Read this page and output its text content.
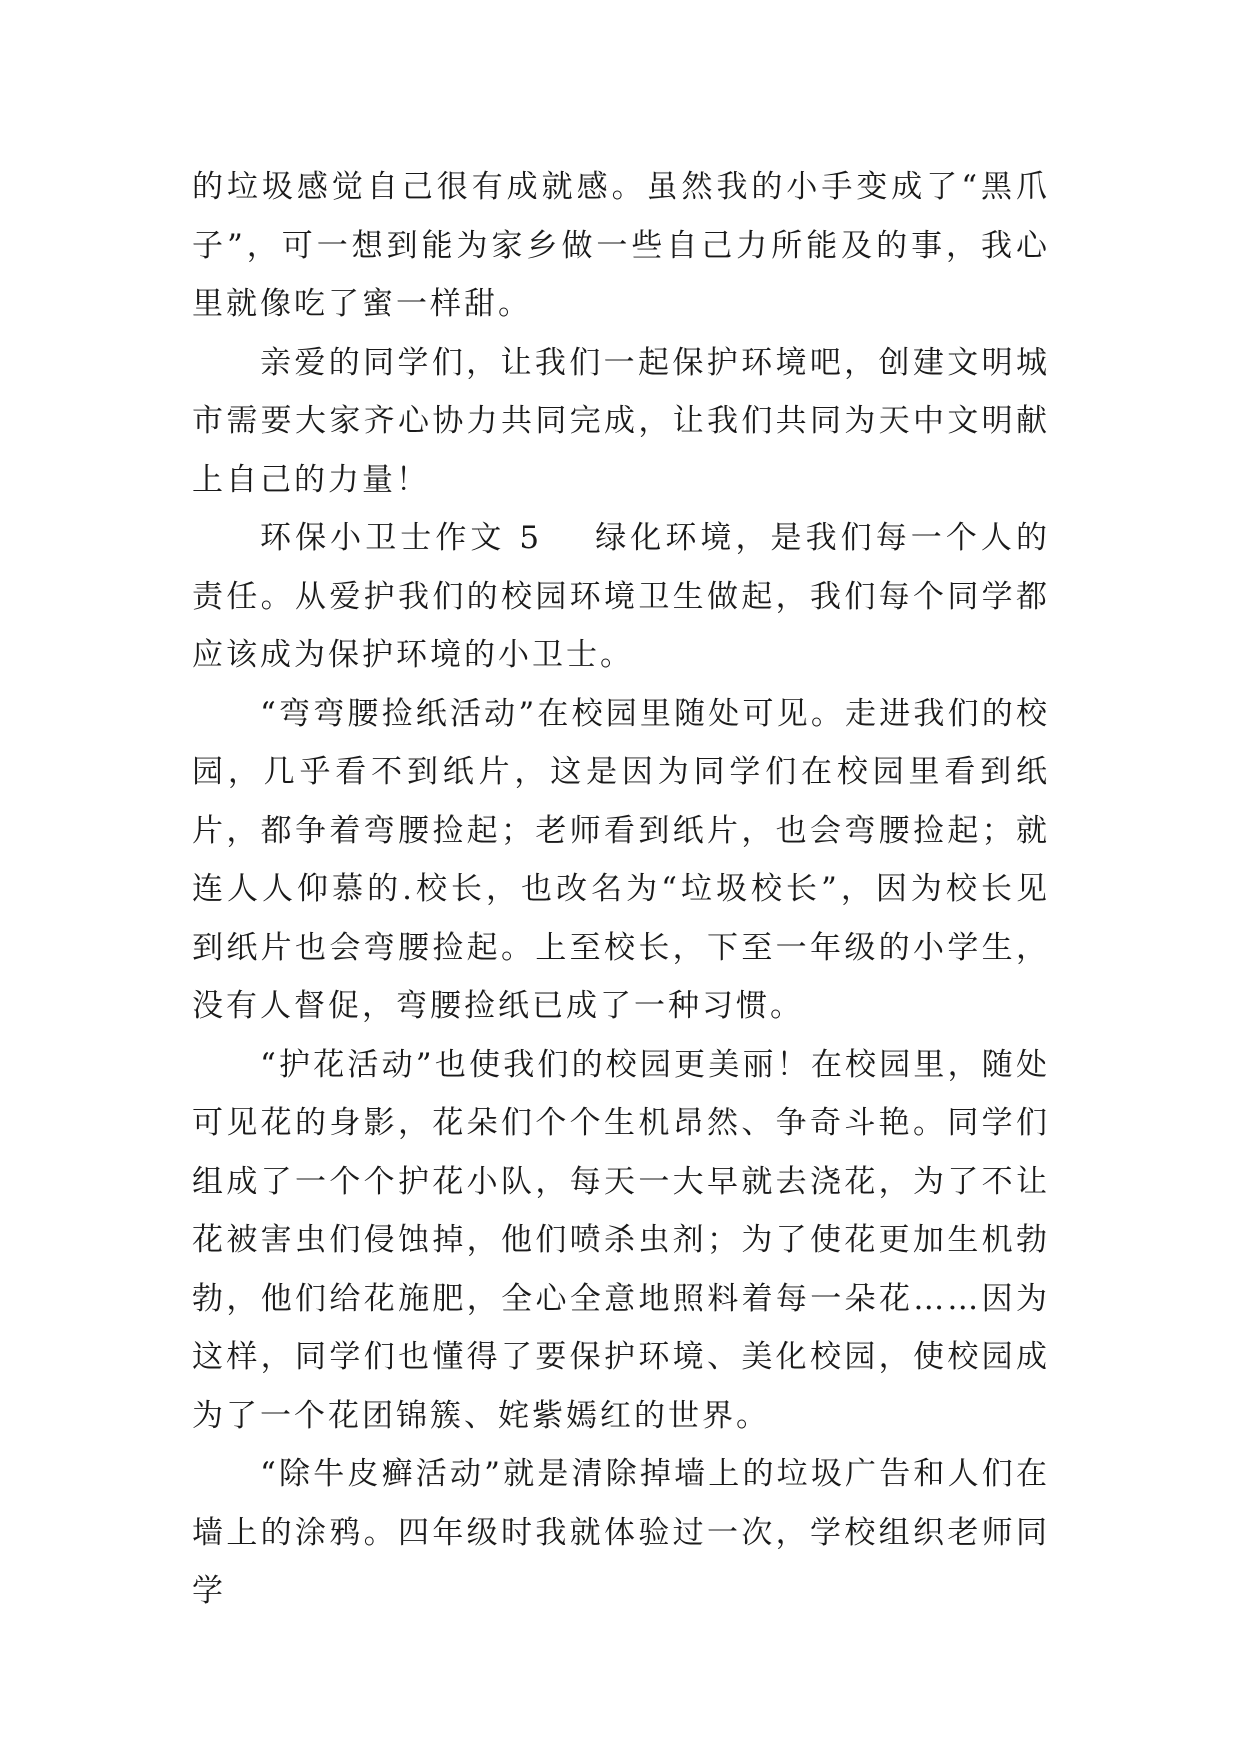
的垃圾感觉自己很有成就感。虽然我的小手变成了“黑爪子”，可一想到能为家乡做一些自己力所能及的事，我心里就像吃了蜜一样甜。

亲爱的同学们，让我们一起保护环境吧，创建文明城市需要大家齐心协力共同完成，让我们共同为天中文明献上自己的力量！

环保小卫士作文 5 绿化环境，是我们每一个人的责任。从爱护我们的校园环境卫生做起，我们每个同学都应该成为保护环境的小卫士。

“弯弯腰捡纸活动”在校园里随处可见。走进我们的校园，几乎看不到纸片，这是因为同学们在校园里看到纸片，都争着弯腰捡起；老师看到纸片，也会弯腰捡起；就连人人仰慕的.校长，也改名为“垃圾校长”，因为校长见到纸片也会弯腰捡起。上至校长，下至一年级的小学生，没有人督促，弯腰捡纸已成了一种习惯。

“护花活动”也使我们的校园更美丽！在校园里，随处可见花的身影，花朵们个个生机昂然、争奇斗艳。同学们组成了一个个护花小队，每天一大早就去浇花，为了不让花被害虫们侵蚀掉，他们喷杀虫剂；为了使花更加生机勃勃，他们给花施肥，全心全意地照料着每一朵花……因为这样，同学们也懂得了要保护环境、美化校园，使校园成为了一个花团锦簇、姹紫嫣红的世界。

“除牛皮癣活动”就是清除掉墙上的垃圾广告和人们在墙上的涂鸦。四年级时我就体验过一次，学校组织老师同学
